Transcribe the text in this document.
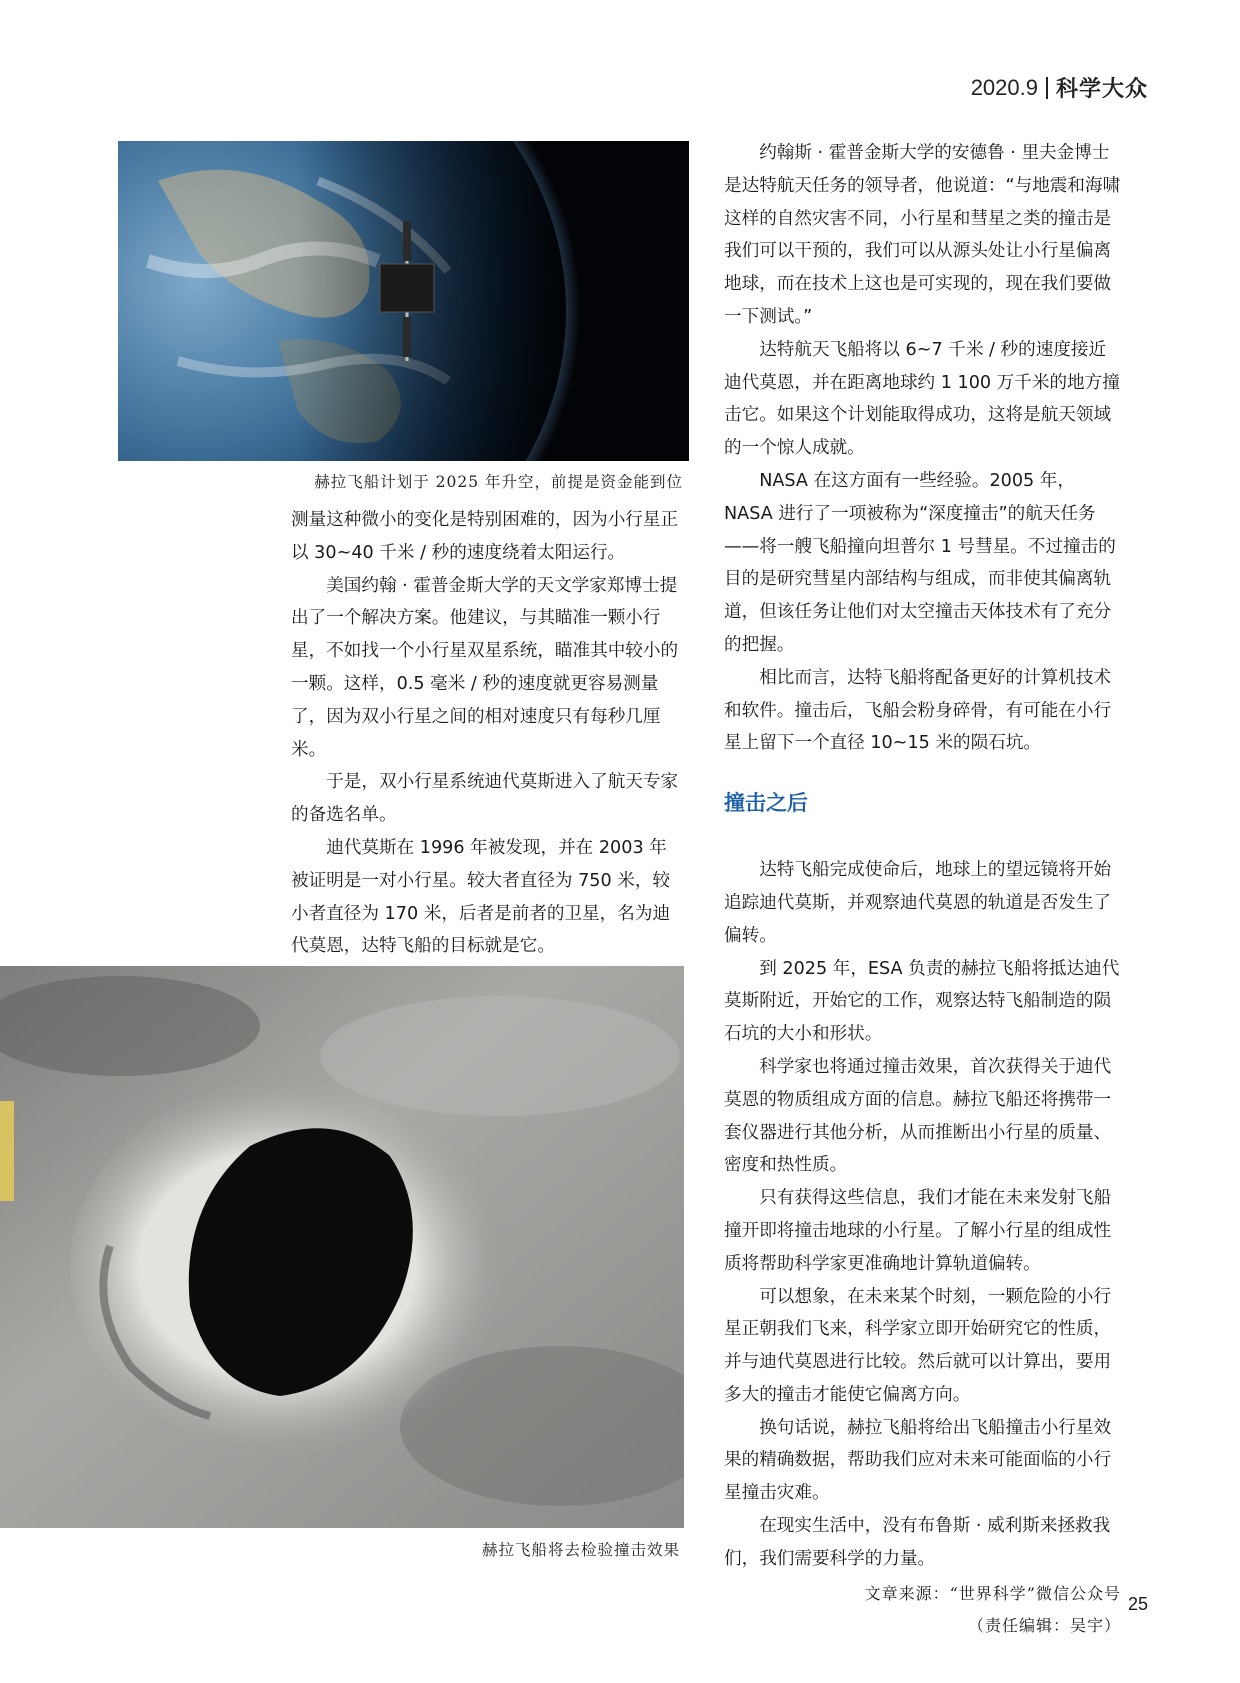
2020.9 科学大众
赫拉飞船计划于 2025 年升空，前提是资金能到位

测量这种微小的变化是特别困难的，因为小行星正以 30~40 千米 / 秒的速度绕着太阳运行。

美国约翰 · 霍普金斯大学的天文学家郑博士提出了一个解决方案。他建议，与其瞄准一颗小行星，不如找一个小行星双星系统，瞄准其中较小的一颗。这样，0.5 毫米 / 秒的速度就更容易测量了，因为双小行星之间的相对速度只有每秒几厘米。

于是，双小行星系统迪代莫斯进入了航天专家的备选名单。

迪代莫斯在 1996 年被发现，并在 2003 年被证明是一对小行星。较大者直径为 750 米，较小者直径为 170 米，后者是前者的卫星，名为迪代莫恩，达特飞船的目标就是它。

赫拉飞船将去检验撞击效果

约翰斯 · 霍普金斯大学的安德鲁 · 里夫金博士是达特航天任务的领导者，他说道：“与地震和海啸这样的自然灾害不同，小行星和彗星之类的撞击是我们可以干预的，我们可以从源头处让小行星偏离地球，而在技术上这也是可实现的，现在我们要做一下测试。”

达特航天飞船将以 6~7 千米 / 秒的速度接近迪代莫恩，并在距离地球约 1 100 万千米的地方撞击它。如果这个计划能取得成功，这将是航天领域的一个惊人成就。

NASA 在这方面有一些经验。2005 年，NASA 进行了一项被称为“深度撞击”的航天任务——将一艘飞船撞向坦普尔 1 号彗星。不过撞击的目的是研究彗星内部结构与组成，而非使其偏离轨道，但该任务让他们对太空撞击天体技术有了充分的把握。

相比而言，达特飞船将配备更好的计算机技术和软件。撞击后，飞船会粉身碎骨，有可能在小行星上留下一个直径 10~15 米的陨石坑。

撞击之后

达特飞船完成使命后，地球上的望远镜将开始追踪迪代莫斯，并观察迪代莫恩的轨道是否发生了偏转。

到 2025 年，ESA 负责的赫拉飞船将抵达迪代莫斯附近，开始它的工作，观察达特飞船制造的陨石坑的大小和形状。

科学家也将通过撞击效果，首次获得关于迪代莫恩的物质组成方面的信息。赫拉飞船还将携带一套仪器进行其他分析，从而推断出小行星的质量、密度和热性质。

只有获得这些信息，我们才能在未来发射飞船撞开即将撞击地球的小行星。了解小行星的组成性质将帮助科学家更准确地计算轨道偏转。

可以想象，在未来某个时刻，一颗危险的小行星正朝我们飞来，科学家立即开始研究它的性质，并与迪代莫恩进行比较。然后就可以计算出，要用多大的撞击才能使它偏离方向。

换句话说，赫拉飞船将给出飞船撞击小行星效果的精确数据，帮助我们应对未来可能面临的小行星撞击灾难。

在现实生活中，没有布鲁斯 · 威利斯来拯救我们，我们需要科学的力量。

文章来源：“世界科学”微信公众号
（责任编辑：吴宇）
25
